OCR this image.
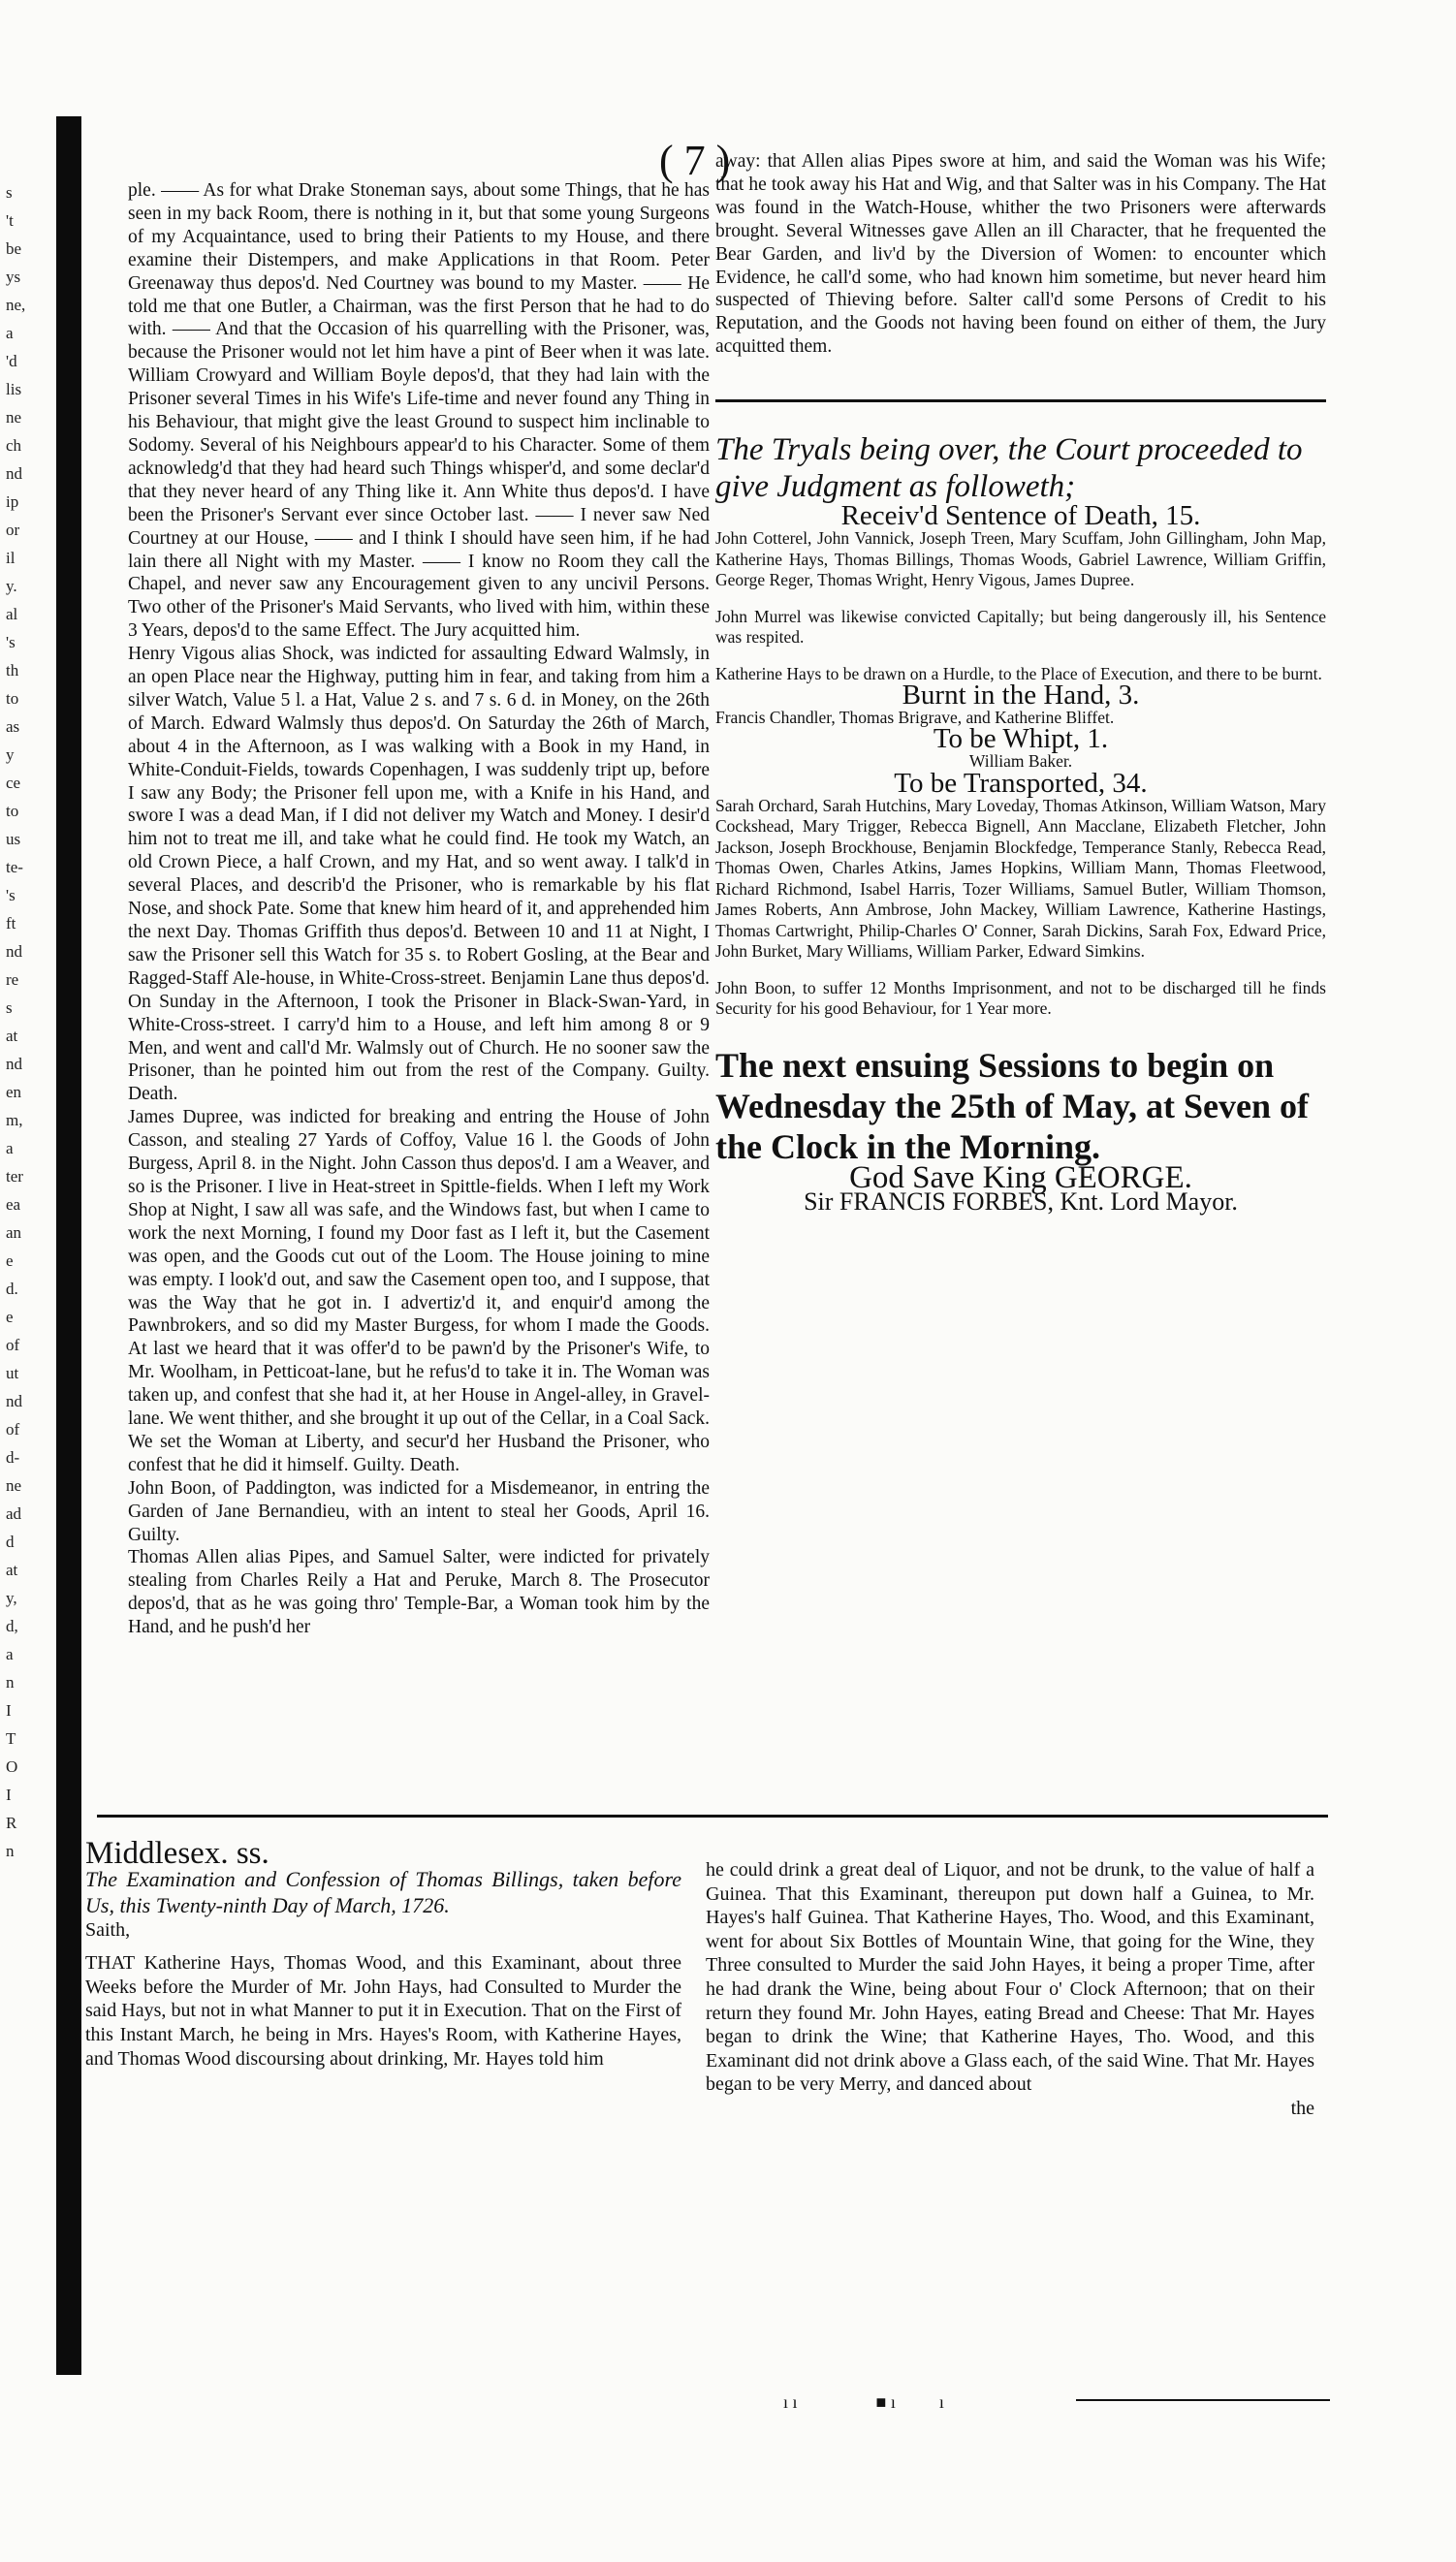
s
't
be
ys
ne,
a
'd
lis
ne
ch
nd
ip
or
il
y.
al
's
th
to
as
y
ce
to
us
te-
's
ft
nd
re
s
at
nd
en
m,
a
ter
ea
an
e
d.
e
of
ut
nd
of
d-
ne
ad
d
at
y,
d,
a
n
I
T
O
I
R
n
( 7 )

ple. —— As for what Drake Stoneman says, about some Things, that he has seen in my back Room, there is nothing in it, but that some young Surgeons of my Acquaintance, used to bring their Patients to my House, and there examine their Distempers, and make Applications in that Room. Peter Greenaway thus depos'd. Ned Courtney was bound to my Master. —— He told me that one Butler, a Chairman, was the first Person that he had to do with. —— And that the Occasion of his quarrelling with the Prisoner, was, because the Prisoner would not let him have a pint of Beer when it was late. William Crowyard and William Boyle depos'd, that they had lain with the Prisoner several Times in his Wife's Life-time and never found any Thing in his Behaviour, that might give the least Ground to suspect him inclinable to Sodomy. Several of his Neighbours appear'd to his Character. Some of them acknowledg'd that they had heard such Things whisper'd, and some declar'd that they never heard of any Thing like it. Ann White thus depos'd. I have been the Prisoner's Servant ever since October last. —— I never saw Ned Courtney at our House, —— and I think I should have seen him, if he had lain there all Night with my Master. —— I know no Room they call the Chapel, and never saw any Encouragement given to any uncivil Persons. Two other of the Prisoner's Maid Servants, who lived with him, within these 3 Years, depos'd to the same Effect. The Jury acquitted him.

Henry Vigous alias Shock, was indicted for assaulting Edward Walmsly, in an open Place near the Highway, putting him in fear, and taking from him a silver Watch, Value 5 l. a Hat, Value 2 s. and 7 s. 6 d. in Money, on the 26th of March. Edward Walmsly thus depos'd. On Saturday the 26th of March, about 4 in the Afternoon, as I was walking with a Book in my Hand, in White-Conduit-Fields, towards Copenhagen, I was suddenly tript up, before I saw any Body; the Prisoner fell upon me, with a Knife in his Hand, and swore I was a dead Man, if I did not deliver my Watch and Money. I desir'd him not to treat me ill, and take what he could find. He took my Watch, an old Crown Piece, a half Crown, and my Hat, and so went away. I talk'd in several Places, and describ'd the Prisoner, who is remarkable by his flat Nose, and shock Pate. Some that knew him heard of it, and apprehended him the next Day. Thomas Griffith thus depos'd. Between 10 and 11 at Night, I saw the Prisoner sell this Watch for 35 s. to Robert Gosling, at the Bear and Ragged-Staff Ale-house, in White-Cross-street. Benjamin Lane thus depos'd. On Sunday in the Afternoon, I took the Prisoner in Black-Swan-Yard, in White-Cross-street. I carry'd him to a House, and left him among 8 or 9 Men, and went and call'd Mr. Walmsly out of Church. He no sooner saw the Prisoner, than he pointed him out from the rest of the Company. Guilty. Death.

James Dupree, was indicted for breaking and entring the House of John Casson, and stealing 27 Yards of Coffoy, Value 16 l. the Goods of John Burgess, April 8. in the Night. John Casson thus depos'd. I am a Weaver, and so is the Prisoner. I live in Heat-street in Spittle-fields. When I left my Work Shop at Night, I saw all was safe, and the Windows fast, but when I came to work the next Morning, I found my Door fast as I left it, but the Casement was open, and the Goods cut out of the Loom. The House joining to mine was empty. I look'd out, and saw the Casement open too, and I suppose, that was the Way that he got in. I advertiz'd it, and enquir'd among the Pawnbrokers, and so did my Master Burgess, for whom I made the Goods. At last we heard that it was offer'd to be pawn'd by the Prisoner's Wife, to Mr. Woolham, in Petticoat-lane, but he refus'd to take it in. The Woman was taken up, and confest that she had it, at her House in Angel-alley, in Gravel-lane. We went thither, and she brought it up out of the Cellar, in a Coal Sack. We set the Woman at Liberty, and secur'd her Husband the Prisoner, who confest that he did it himself. Guilty. Death.

John Boon, of Paddington, was indicted for a Misdemeanor, in entring the Garden of Jane Bernandieu, with an intent to steal her Goods, April 16. Guilty.

Thomas Allen alias Pipes, and Samuel Salter, were indicted for privately stealing from Charles Reily a Hat and Peruke, March 8. The Prosecutor depos'd, that as he was going thro' Temple-Bar, a Woman took him by the Hand, and he push'd her

away: that Allen alias Pipes swore at him, and said the Woman was his Wife; that he took away his Hat and Wig, and that Salter was in his Company. The Hat was found in the Watch-House, whither the two Prisoners were afterwards brought. Several Witnesses gave Allen an ill Character, that he frequented the Bear Garden, and liv'd by the Diversion of Women: to encounter which Evidence, he call'd some, who had known him sometime, but never heard him suspected of Thieving before. Salter call'd some Persons of Credit to his Reputation, and the Goods not having been found on either of them, the Jury acquitted them.

The Tryals being over, the Court proceeded to give Judgment as followeth;

Receiv'd Sentence of Death, 15.

John Cotterel, John Vannick, Joseph Treen, Mary Scuffam, John Gillingham, John Map, Katherine Hays, Thomas Billings, Thomas Woods, Gabriel Lawrence, William Griffin, George Reger, Thomas Wright, Henry Vigous, James Dupree.

John Murrel was likewise convicted Capitally; but being dangerously ill, his Sentence was respited.

Katherine Hays to be drawn on a Hurdle, to the Place of Execution, and there to be burnt.

Burnt in the Hand, 3.

Francis Chandler, Thomas Brigrave, and Katherine Bliffet.

To be Whipt, 1.

William Baker.

To be Transported, 34.

Sarah Orchard, Sarah Hutchins, Mary Loveday, Thomas Atkinson, William Watson, Mary Cockshead, Mary Trigger, Rebecca Bignell, Ann Macclane, Elizabeth Fletcher, John Jackson, Joseph Brockhouse, Benjamin Blockfedge, Temperance Stanly, Rebecca Read, Thomas Owen, Charles Atkins, James Hopkins, William Mann, Thomas Fleetwood, Richard Richmond, Isabel Harris, Tozer Williams, Samuel Butler, William Thomson, James Roberts, Ann Ambrose, John Mackey, William Lawrence, Katherine Hastings, Thomas Cartwright, Philip-Charles O' Conner, Sarah Dickins, Sarah Fox, Edward Price, John Burket, Mary Williams, William Parker, Edward Simkins.

John Boon, to suffer 12 Months Imprisonment, and not to be discharged till he finds Security for his good Behaviour, for 1 Year more.

The next ensuing Sessions to begin on Wednesday the 25th of May, at Seven of the Clock in the Morning.

God Save King GEORGE.

Sir FRANCIS FORBES, Knt. Lord Mayor.

Middlesex. ss.

The Examination and Confession of Thomas Billings, taken before Us, this Twenty-ninth Day of March, 1726.

Saith,

THAT Katherine Hays, Thomas Wood, and this Examinant, about three Weeks before the Murder of Mr. John Hays, had Consulted to Murder the said Hays, but not in what Manner to put it in Execution. That on the First of this Instant March, he being in Mrs. Hayes's Room, with Katherine Hayes, and Thomas Wood discoursing about drinking, Mr. Hayes told him

he could drink a great deal of Liquor, and not be drunk, to the value of half a Guinea. That this Examinant, thereupon put down half a Guinea, to Mr. Hayes's half Guinea. That Katherine Hayes, Tho. Wood, and this Examinant, went for about Six Bottles of Mountain Wine, that going for the Wine, they Three consulted to Murder the said John Hayes, it being a proper Time, after he had drank the Wine, being about Four o' Clock Afternoon; that on their return they found Mr. John Hayes, eating Bread and Cheese: That Mr. Hayes began to drink the Wine; that Katherine Hayes, Tho. Wood, and this Examinant did not drink above a Glass each, of the said Wine. That Mr. Hayes began to be very Merry, and danced about

the

ı ı                  ■ ı          ı
